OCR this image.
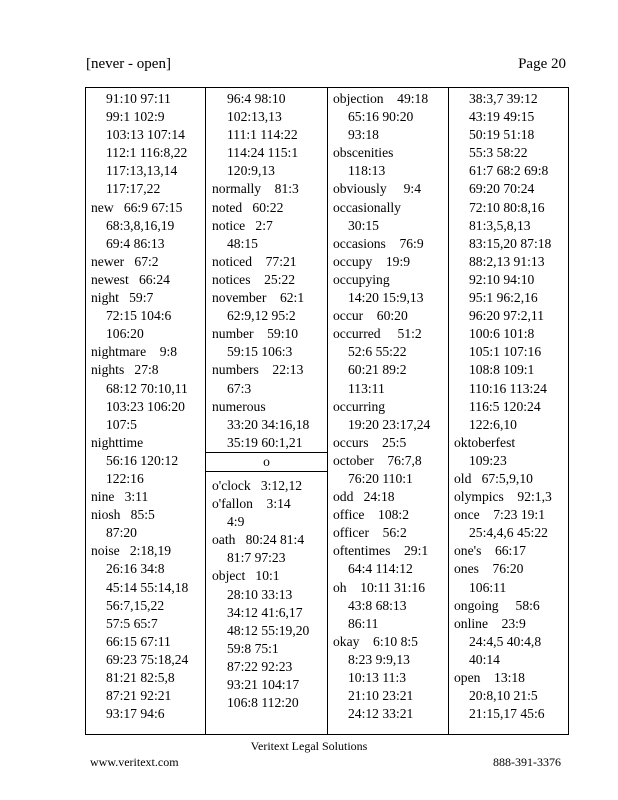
[never - open]	Page 20
91:10 97:11
99:1 102:9
103:13 107:14
112:1 116:8,22
117:13,13,14
117:17,22
new   66:9 67:15
68:3,8,16,19
69:4 86:13
newer   67:2
newest   66:24
night   59:7
72:15 104:6
106:20
nightmare    9:8
nights   27:8
68:12 70:10,11
103:23 106:20
107:5
nighttime
56:16 120:12
122:16
nine   3:11
niosh   85:5
87:20
noise   2:18,19
26:16 34:8
45:14 55:14,18
56:7,15,22
57:5 65:7
66:15 67:11
69:23 75:18,24
81:21 82:5,8
87:21 92:21
93:17 94:6
96:4 98:10
102:13,13
111:1 114:22
114:24 115:1
120:9,13
normally    81:3
noted   60:22
notice   2:7
48:15
noticed    77:21
notices    25:22
november    62:1
62:9,12 95:2
number    59:10
59:15 106:3
numbers    22:13
67:3
numerous
33:20 34:16,18
35:19 60:1,21
o
o'clock   3:12,12
o'fallon    3:14
4:9
oath   80:24 81:4
81:7 97:23
object   10:1
28:10 33:13
34:12 41:6,17
48:12 55:19,20
59:8 75:1
87:22 92:23
93:21 104:17
106:8 112:20
objection    49:18
65:16 90:20
93:18
obscenities
118:13
obviously     9:4
occasionally
30:15
occasions    76:9
occupy    19:9
occupying
14:20 15:9,13
occur    60:20
occurred     51:2
52:6 55:22
60:21 89:2
113:11
occurring
19:20 23:17,24
occurs    25:5
october    76:7,8
76:20 110:1
odd   24:18
office    108:2
officer    56:2
oftentimes    29:1
64:4 114:12
oh    10:11 31:16
43:8 68:13
86:11
okay    6:10 8:5
8:23 9:9,13
10:13 11:3
21:10 23:21
24:12 33:21
38:3,7 39:12
43:19 49:15
50:19 51:18
55:3 58:22
61:7 68:2 69:8
69:20 70:24
72:10 80:8,16
81:3,5,8,13
83:15,20 87:18
88:2,13 91:13
92:10 94:10
95:1 96:2,16
96:20 97:2,11
100:6 101:8
105:1 107:16
108:8 109:1
110:16 113:24
116:5 120:24
122:6,10
oktoberfest
109:23
old   67:5,9,10
olympics    92:1,3
once    7:23 19:1
25:4,4,6 45:22
one's    66:17
ones    76:20
106:11
ongoing     58:6
online    23:9
24:4,5 40:4,8
40:14
open    13:18
20:8,10 21:5
21:15,17 45:6
Veritext Legal Solutions
www.veritext.com	888-391-3376
